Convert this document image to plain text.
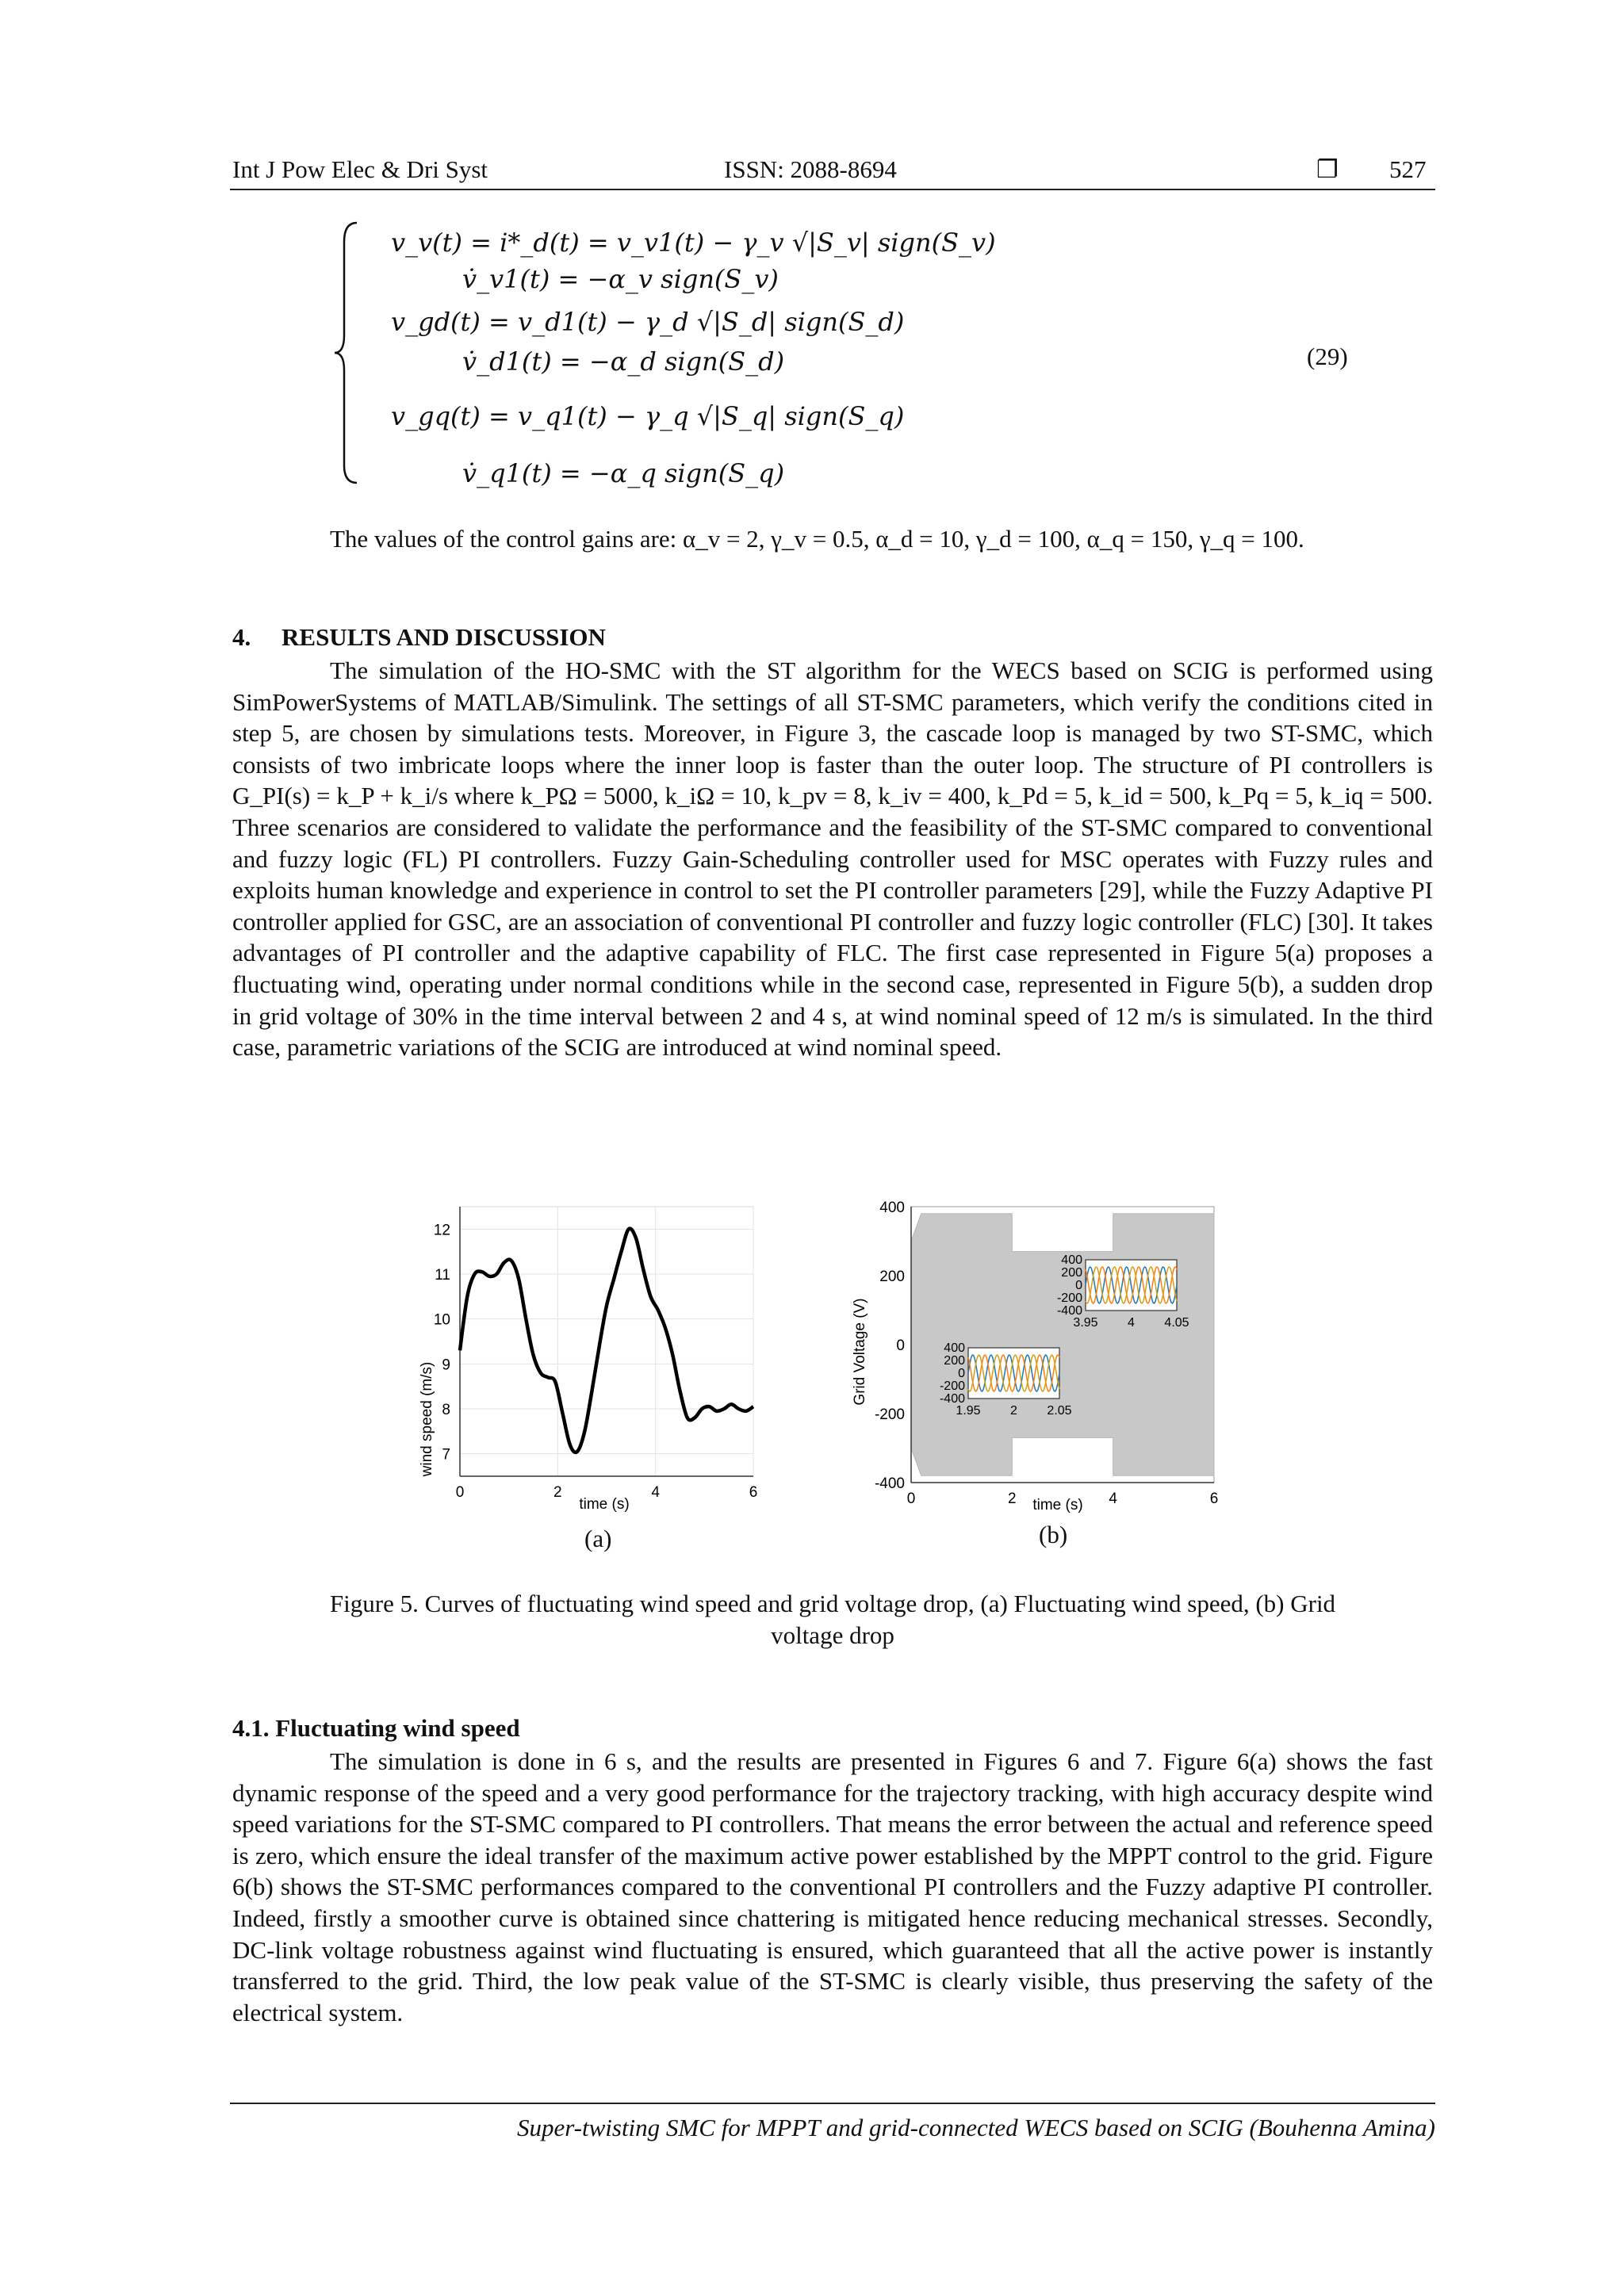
Int J Pow Elec & Dri Syst	ISSN: 2088-8694	❐ 527
v_v(t) = i*_d(t) = v_v1(t) − γ_v √|S_v| sign(S_v)
v̇_v1(t) = −α_v sign(S_v)
v_gd(t) = v_d1(t) − γ_d √|S_d| sign(S_d)
v̇_d1(t) = −α_d sign(S_d)
v_gq(t) = v_q1(t) − γ_q √|S_q| sign(S_q)
v̇_q1(t) = −α_q sign(S_q)
(29)
The values of the control gains are: α_v = 2, γ_v = 0.5, α_d = 10, γ_d = 100, α_q = 150, γ_q = 100.
4.     RESULTS AND DISCUSSION
The simulation of the HO-SMC with the ST algorithm for the WECS based on SCIG is performed using SimPowerSystems of MATLAB/Simulink. The settings of all ST-SMC parameters, which verify the conditions cited in step 5, are chosen by simulations tests. Moreover, in Figure 3, the cascade loop is managed by two ST-SMC, which consists of two imbricate loops where the inner loop is faster than the outer loop. The structure of PI controllers is G_PI(s) = k_P + k_i/s where k_PΩ = 5000, k_iΩ = 10, k_pv = 8, k_iv = 400, k_Pd = 5, k_id = 500, k_Pq = 5, k_iq = 500. Three scenarios are considered to validate the performance and the feasibility of the ST-SMC compared to conventional and fuzzy logic (FL) PI controllers. Fuzzy Gain-Scheduling controller used for MSC operates with Fuzzy rules and exploits human knowledge and experience in control to set the PI controller parameters [29], while the Fuzzy Adaptive PI controller applied for GSC, are an association of conventional PI controller and fuzzy logic controller (FLC) [30]. It takes advantages of PI controller and the adaptive capability of FLC. The first case represented in Figure 5(a) proposes a fluctuating wind, operating under normal conditions while in the second case, represented in Figure 5(b), a sudden drop in grid voltage of 30% in the time interval between 2 and 4 s, at wind nominal speed of 12 m/s is simulated. In the third case, parametric variations of the SCIG are introduced at wind nominal speed.
0	2	4	6
7
8
9
10
11
12
wind speed (m/s)
time (s)
(a)
0	2	4	6
-400
-200
0
200
400
400
200
0
-200
-400
1.95 2 2.05
400
200
0
-200
-400
3.95 4 4.05
Grid Voltage (V)
time (s)
(b)
Figure 5. Curves of fluctuating wind speed and grid voltage drop, (a) Fluctuating wind speed, (b) Grid
voltage drop
4.1. Fluctuating wind speed
The simulation is done in 6 s, and the results are presented in Figures 6 and 7. Figure 6(a) shows the fast dynamic response of the speed and a very good performance for the trajectory tracking, with high accuracy despite wind speed variations for the ST-SMC compared to PI controllers. That means the error between the actual and reference speed is zero, which ensure the ideal transfer of the maximum active power established by the MPPT control to the grid. Figure 6(b) shows the ST-SMC performances compared to the conventional PI controllers and the Fuzzy adaptive PI controller. Indeed, firstly a smoother curve is obtained since chattering is mitigated hence reducing mechanical stresses. Secondly, DC-link voltage robustness against wind fluctuating is ensured, which guaranteed that all the active power is instantly transferred to the grid. Third, the low peak value of the ST-SMC is clearly visible, thus preserving the safety of the electrical system.
Super-twisting SMC for MPPT and grid-connected WECS based on SCIG (Bouhenna Amina)
